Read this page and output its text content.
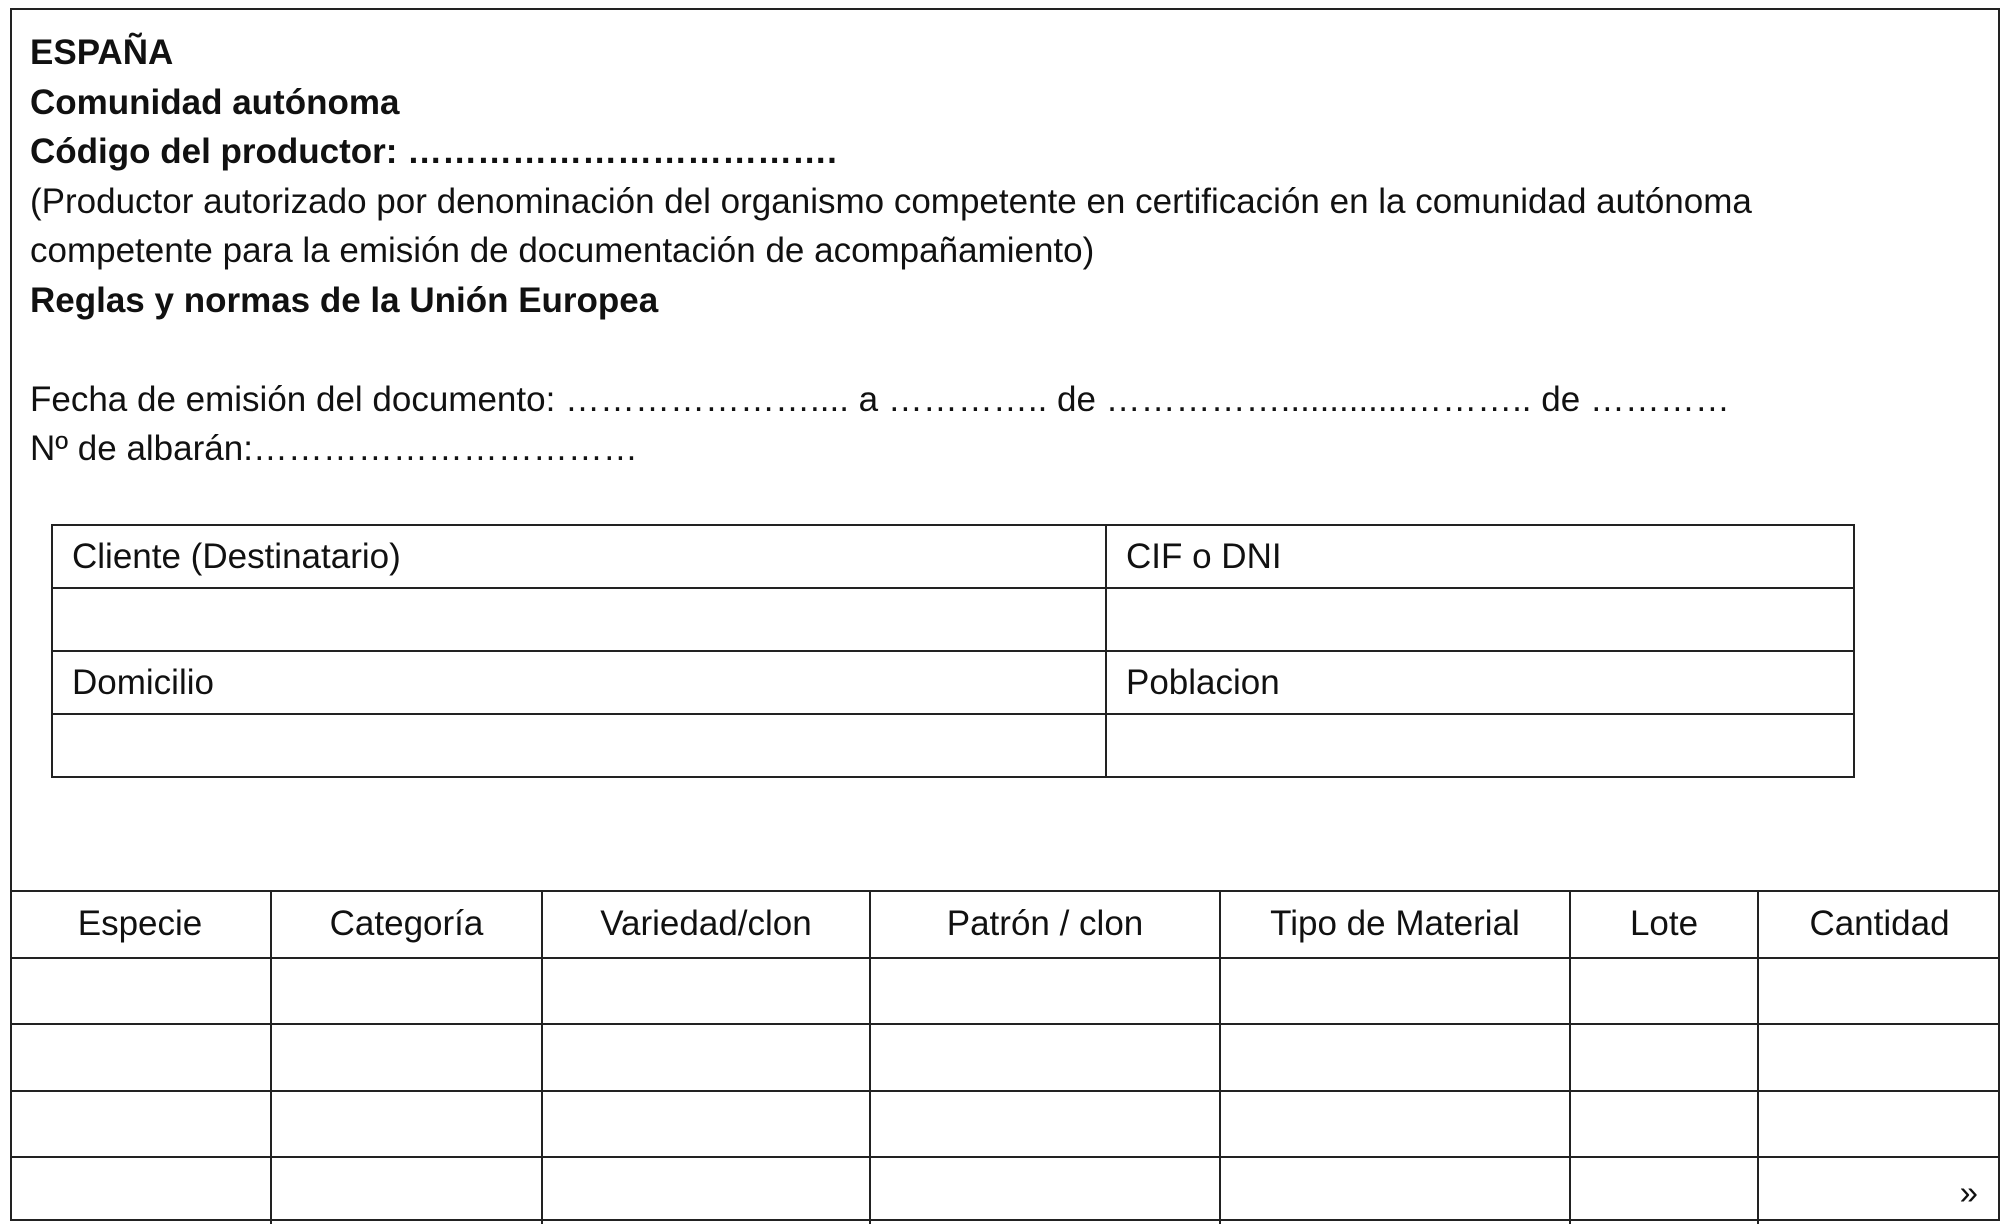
ESPAÑA
Comunidad autónoma
Código del productor: ……………………………….
(Productor autorizado por denominación del organismo competente en certificación en la comunidad autónoma
competente para la emisión de documentación de acompañamiento)
Reglas y normas de la Unión Europea
Fecha de emisión del documento: ………………….... a ………….. de …………….............……….. de …………
Nº de albarán:……………………………
Cliente (Destinatario)	CIF o DNI

Domicilio	Poblacion

Especie	Categoría	Variedad/clon	Patrón / clon	Tipo de Material	Lote	Cantidad

						»
